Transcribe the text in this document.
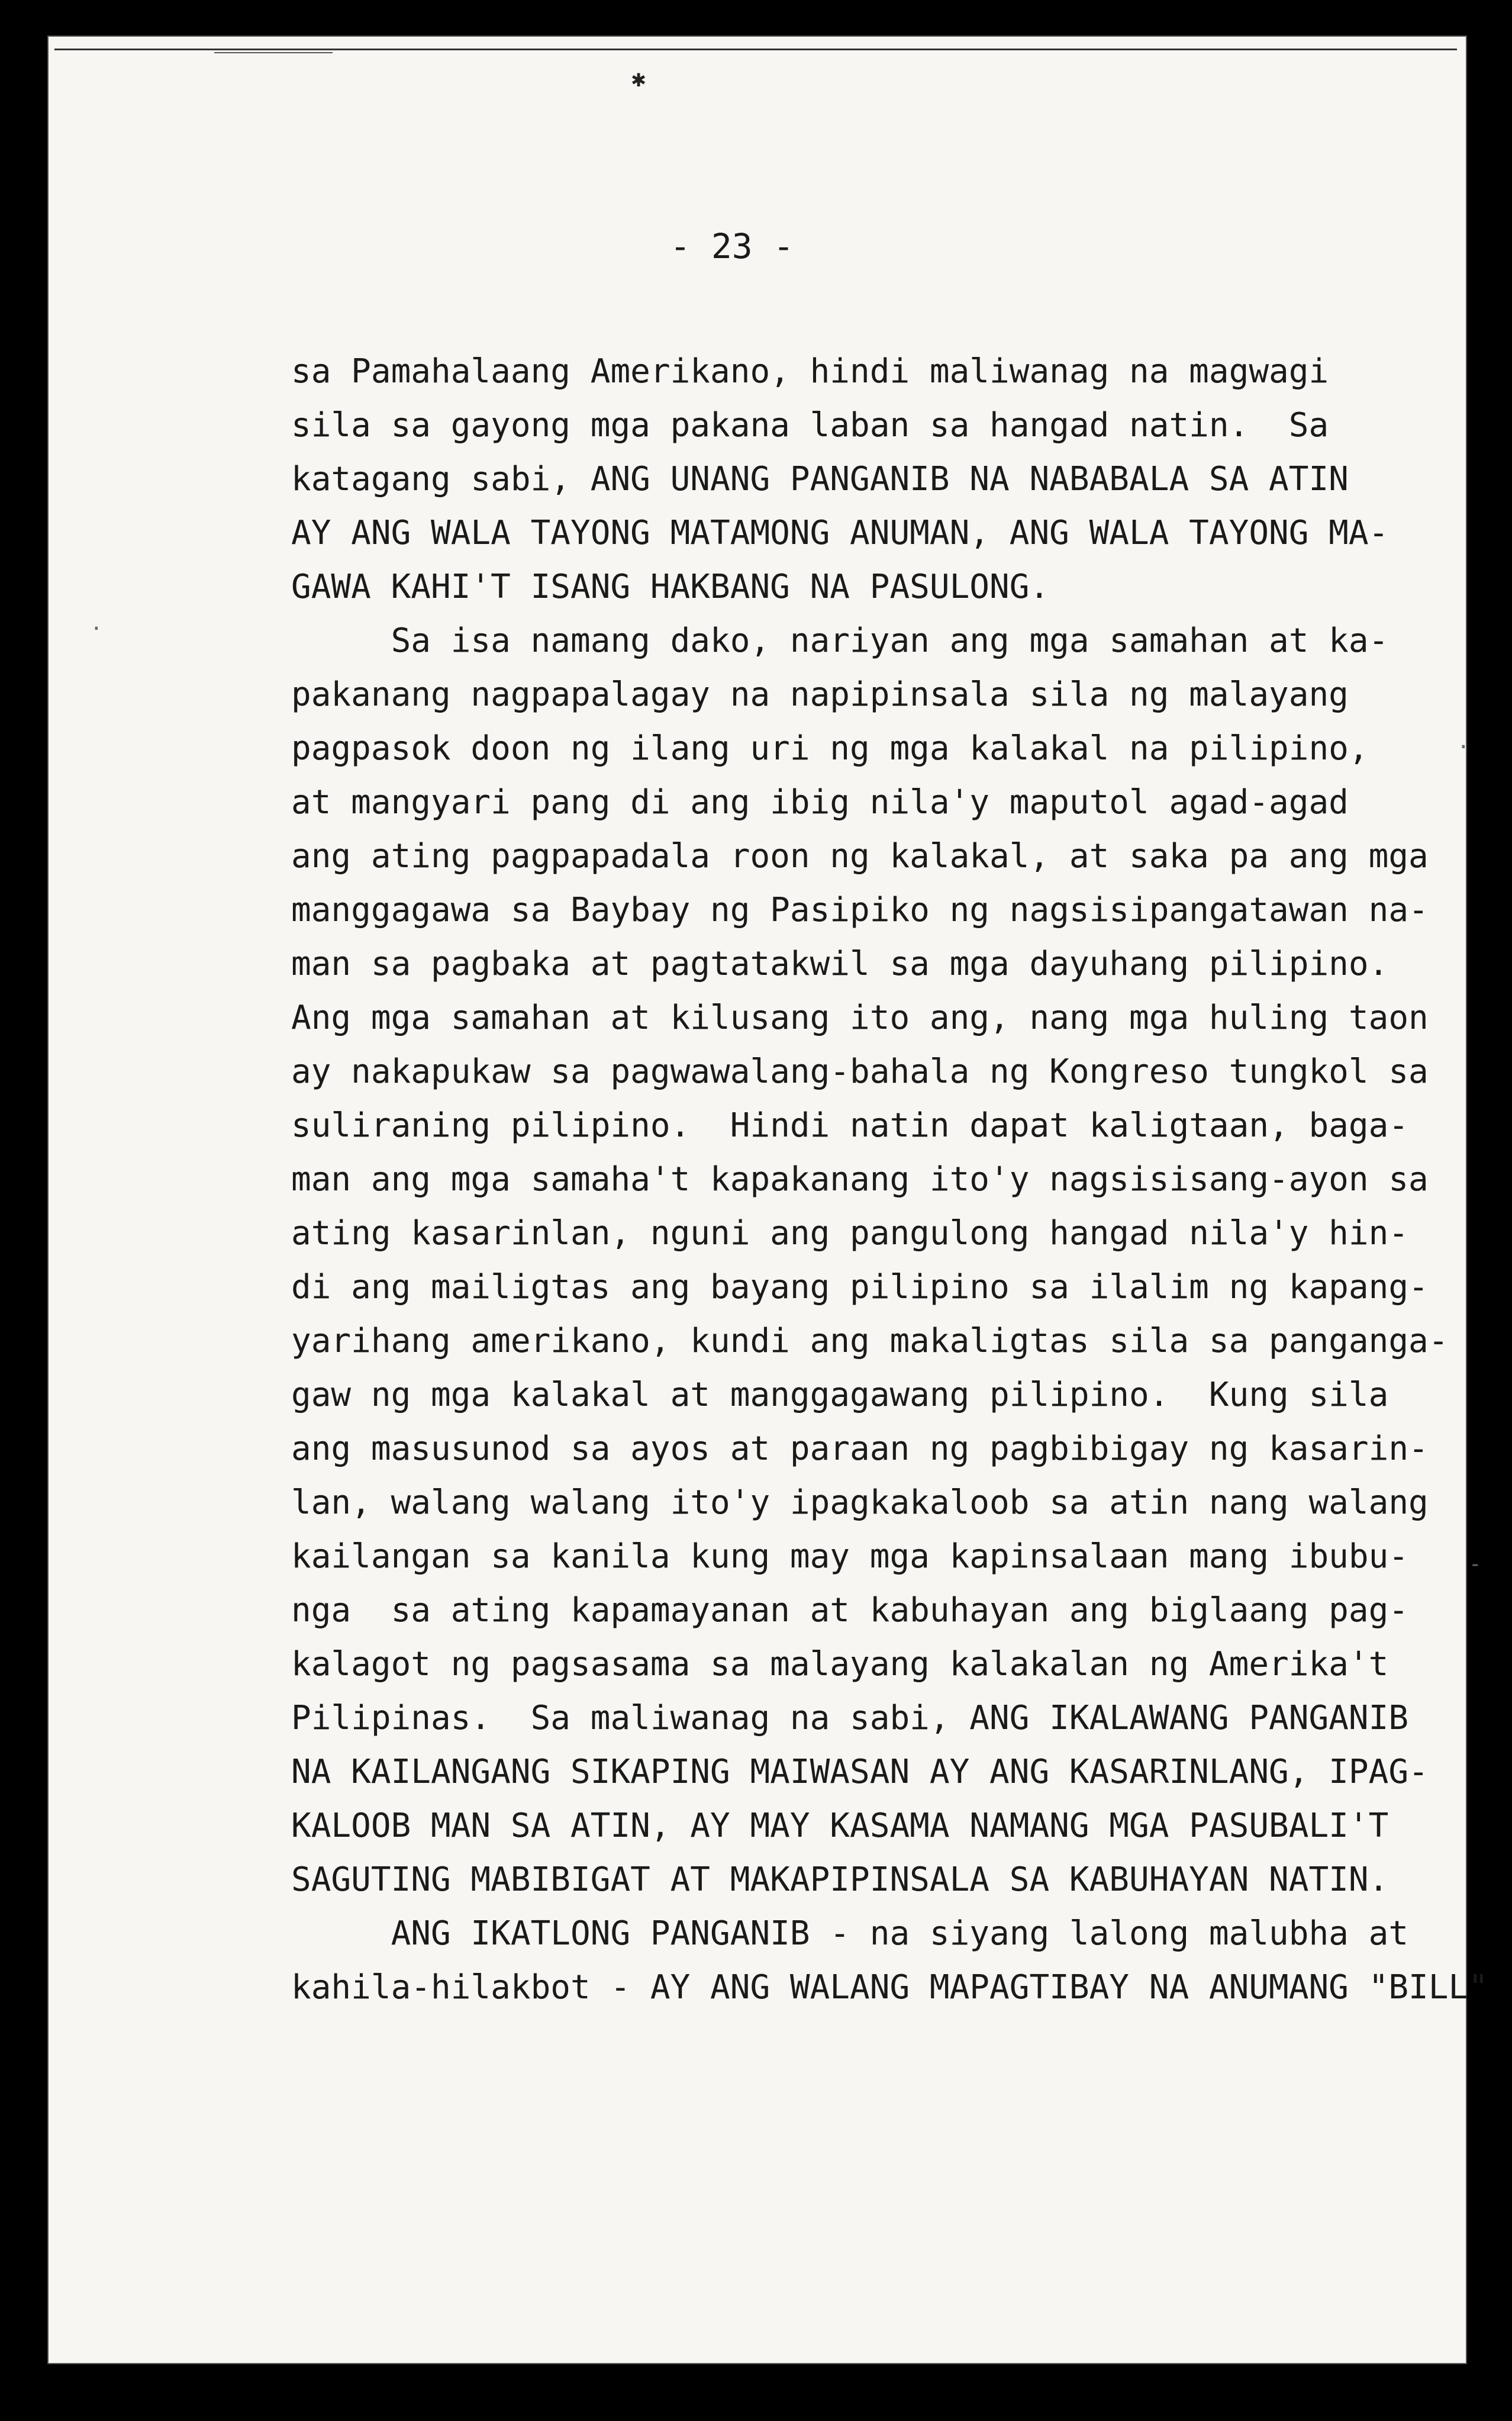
✱
- 23 -
sa Pamahalaang Amerikano, hindi maliwanag na magwagi
sila sa gayong mga pakana laban sa hangad natin.  Sa
katagang sabi, ANG UNANG PANGANIB NA NABABALA SA ATIN
AY ANG WALA TAYONG MATAMONG ANUMAN, ANG WALA TAYONG MA-
GAWA KAHI'T ISANG HAKBANG NA PASULONG.
Sa isa namang dako, nariyan ang mga samahan at ka-
pakanang nagpapalagay na napipinsala sila ng malayang
pagpasok doon ng ilang uri ng mga kalakal na pilipino,
at mangyari pang di ang ibig nila'y maputol agad-agad
ang ating pagpapadala roon ng kalakal, at saka pa ang mga
manggagawa sa Baybay ng Pasipiko ng nagsisipangatawan na-
man sa pagbaka at pagtatakwil sa mga dayuhang pilipino.
Ang mga samahan at kilusang ito ang, nang mga huling taon
ay nakapukaw sa pagwawalang-bahala ng Kongreso tungkol sa
suliraning pilipino.  Hindi natin dapat kaligtaan, baga-
man ang mga samaha't kapakanang ito'y nagsisisang-ayon sa
ating kasarinlan, nguni ang pangulong hangad nila'y hin-
di ang mailigtas ang bayang pilipino sa ilalim ng kapang-
yarihang amerikano, kundi ang makaligtas sila sa panganga-
gaw ng mga kalakal at manggagawang pilipino.  Kung sila
ang masusunod sa ayos at paraan ng pagbibigay ng kasarin-
lan, walang walang ito'y ipagkakaloob sa atin nang walang
kailangan sa kanila kung may mga kapinsalaan mang ibubu-
nga  sa ating kapamayanan at kabuhayan ang biglaang pag-
kalagot ng pagsasama sa malayang kalakalan ng Amerika't
Pilipinas.  Sa maliwanag na sabi, ANG IKALAWANG PANGANIB
NA KAILANGANG SIKAPING MAIWASAN AY ANG KASARINLANG, IPAG-
KALOOB MAN SA ATIN, AY MAY KASAMA NAMANG MGA PASUBALI'T
SAGUTING MABIBIGAT AT MAKAPIPINSALA SA KABUHAYAN NATIN.
ANG IKATLONG PANGANIB - na siyang lalong malubha at
kahila-hilakbot - AY ANG WALANG MAPAGTIBAY NA ANUMANG "BILL"
·
-
·
